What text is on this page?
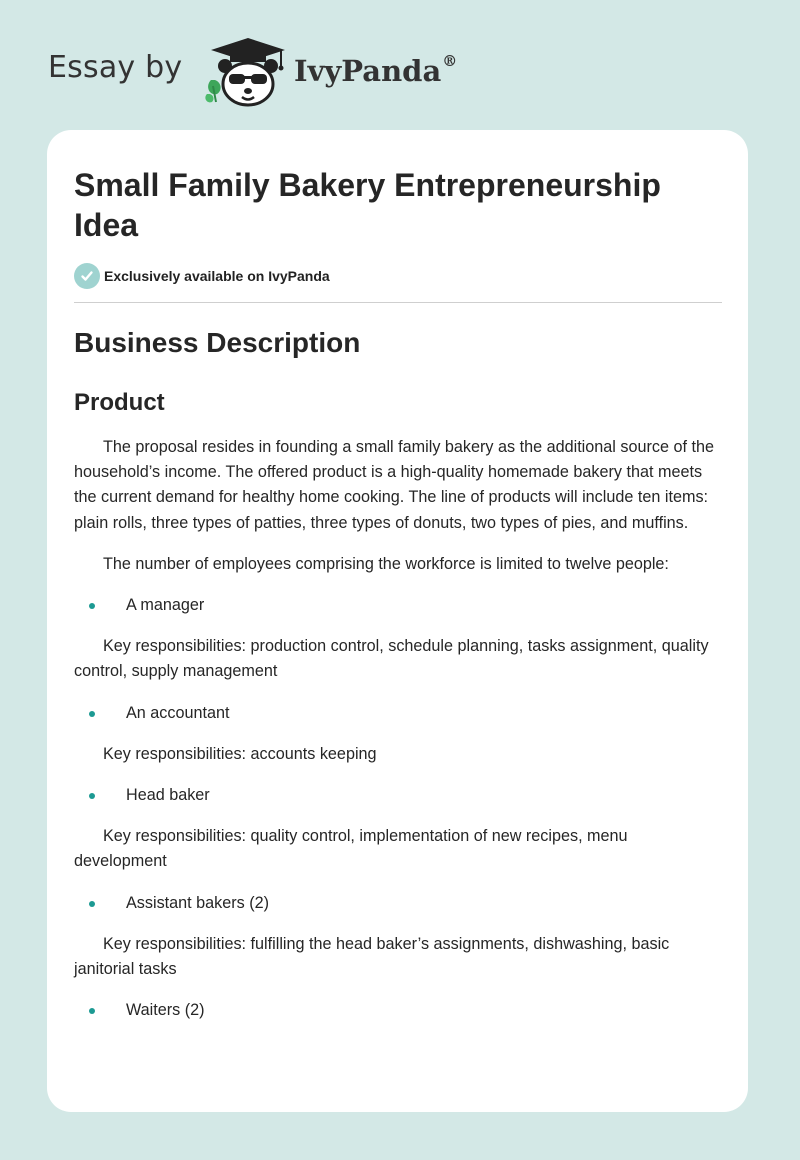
Essay by	IvyPanda®
Small Family Bakery Entrepreneurship Idea
Exclusively available on IvyPanda
Business Description
Product

The proposal resides in founding a small family bakery as the additional source of the household’s income. The offered product is a high-quality homemade bakery that meets the current demand for healthy home cooking. The line of products will include ten items: plain rolls, three types of patties, three types of donuts, two types of pies, and muffins.

The number of employees comprising the workforce is limited to twelve people:

A manager

Key responsibilities: production control, schedule planning, tasks assignment, quality control, supply management

An accountant

Key responsibilities: accounts keeping

Head baker

Key responsibilities: quality control, implementation of new recipes, menu development

Assistant bakers (2)

Key responsibilities: fulfilling the head baker’s assignments, dishwashing, basic janitorial tasks

Waiters (2)
